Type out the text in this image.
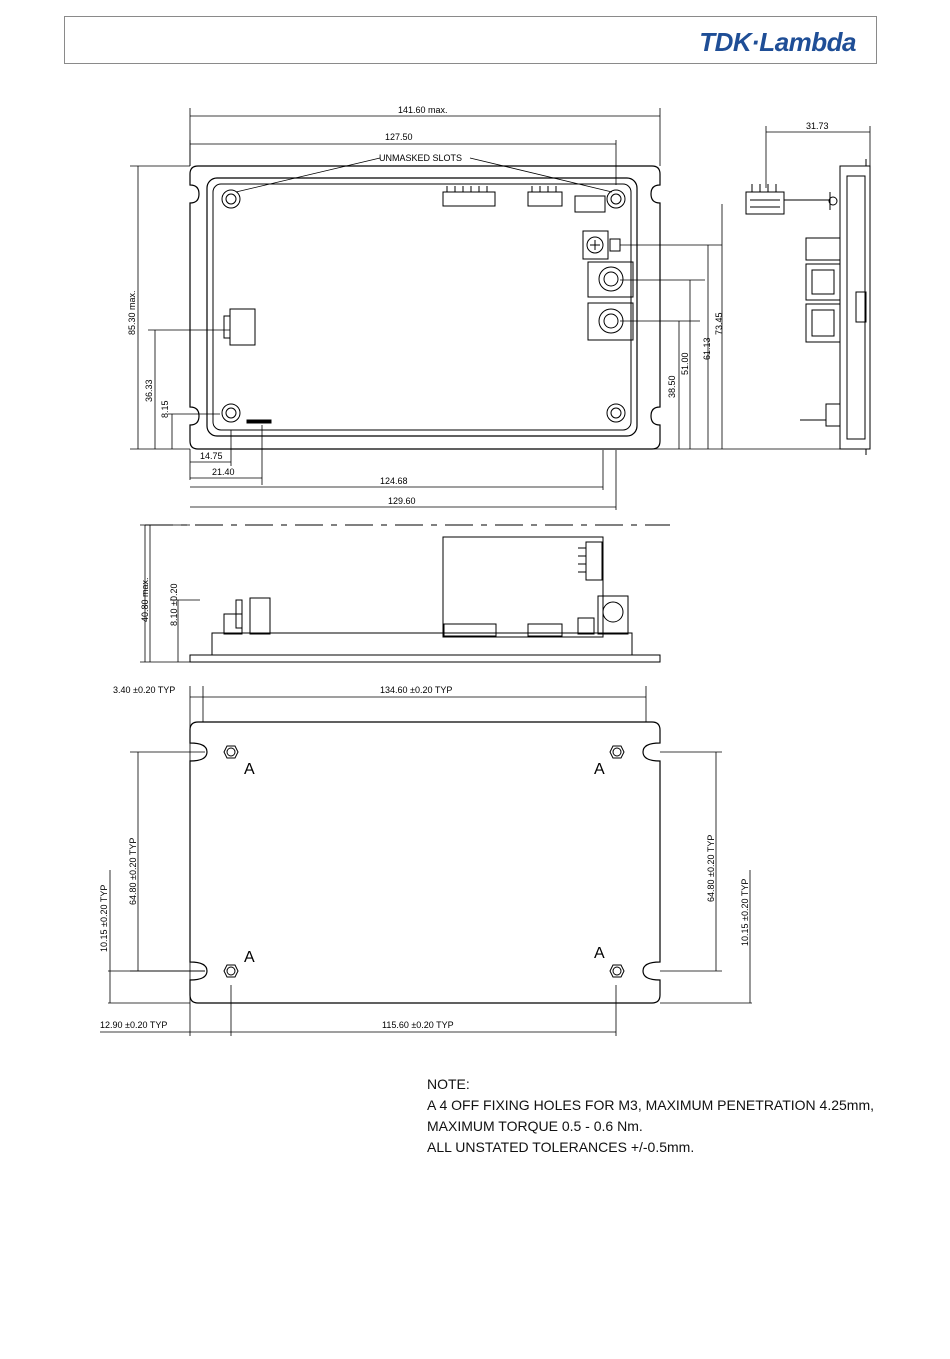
TDK·Lambda
141.60 max.
127.50
UNMASKED SLOTS
85.30 max.
36.33
8.15
14.75
21.40
124.68
129.60
38.50
51.00
61.13
73.45
31.73
40.80 max. 8.10 ±0.20
A	A
A	A
3.40 ±0.20 TYP	134.60 ±0.20 TYP
64.80 ±0.20 TYP
10.15 ±0.20 TYP
64.80 ±0.20 TYP
10.15 ±0.20 TYP
12.90 ±0.20 TYP	115.60 ±0.20 TYP
NOTE:
A 4 OFF FIXING HOLES FOR M3, MAXIMUM PENETRATION 4.25mm,
MAXIMUM TORQUE 0.5 - 0.6 Nm.
ALL UNSTATED TOLERANCES +/-0.5mm.
